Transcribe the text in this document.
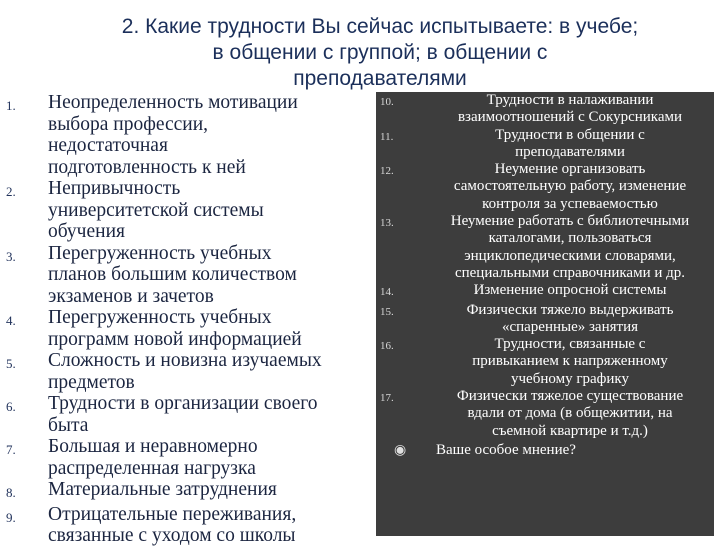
2. Какие трудности Вы сейчас испытываете: в учебе;
в общении с группой; в общении с
преподавателями
1.	Неопределенность мотивации
выбора профессии,
недостаточная
подготовленность к ней
2.	Непривычность
университетской системы
обучения
3.	Перегруженность учебных
планов большим количеством
экзаменов и зачетов
4.	Перегруженность учебных
программ новой информацией
5.	Сложность и новизна изучаемых
предметов
6.	Трудности в организации своего
быта
7.	Большая и неравномерно
распределенная нагрузка
8.	Материальные затруднения
9.	Отрицательные переживания,
связанные с уходом со школы
10.	Трудности в налаживании
взаимоотношений с Сокурсниками
11.	Трудности в общении с
преподавателями
12.	Неумение организовать
самостоятельную работу, изменение
контроля за успеваемостью
13.	Неумение работать с библиотечными
каталогами, пользоваться
энциклопедическими словарями,
специальными справочниками и др.
14.	Изменение опросной системы
15.	Физически тяжело выдерживать
«спаренные» занятия
16.	Трудности, связанные с
привыканием к напряженному
учебному графику
17.	Физически тяжелое существование
вдали от дома (в общежитии, на
съемной квартире и т.д.)
◉	Ваше особое мнение?
